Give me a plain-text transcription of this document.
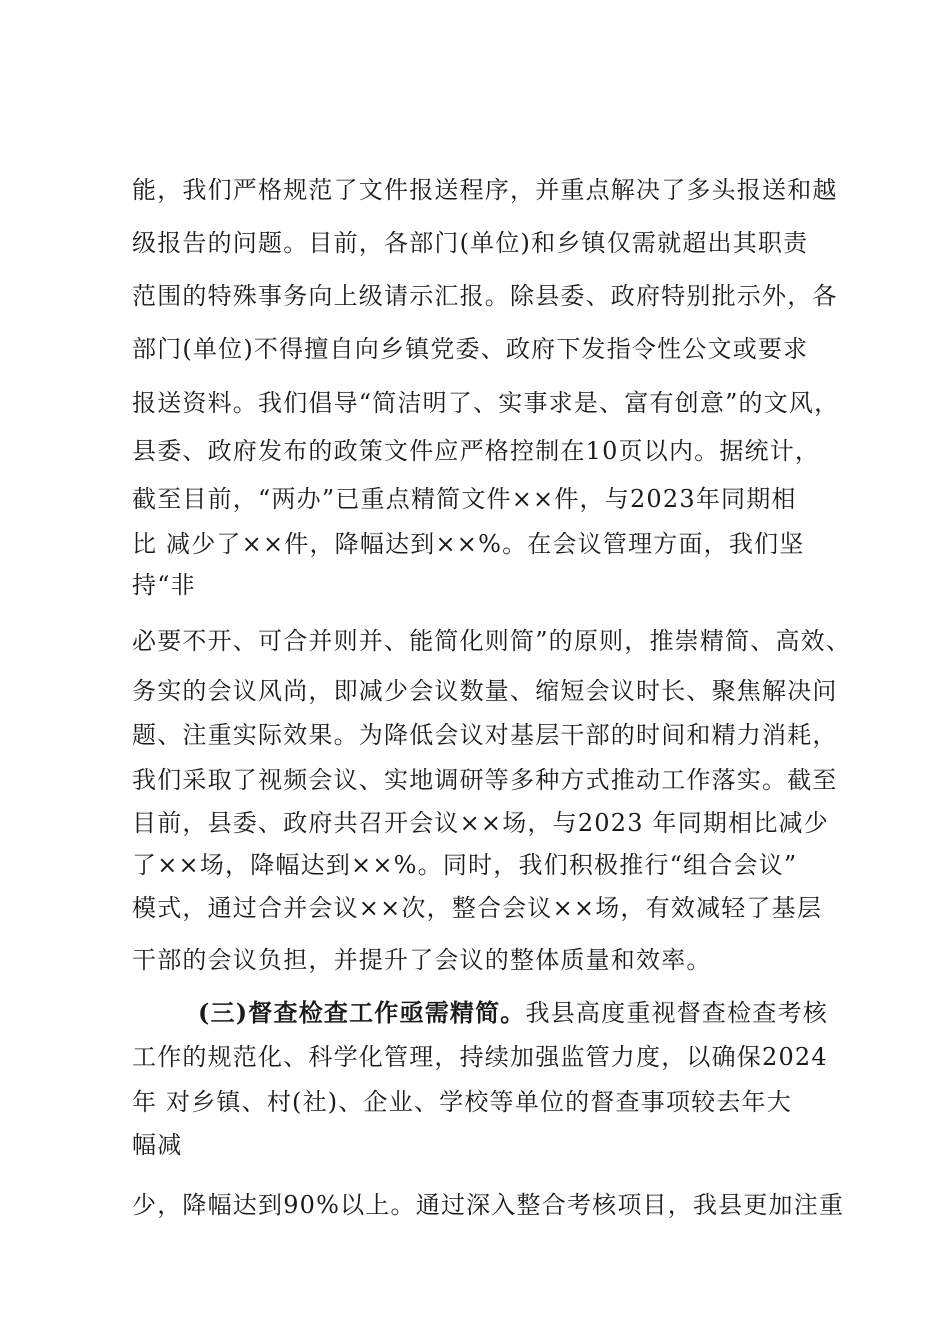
能，我们严格规范了文件报送程序，并重点解决了多头报送和越
级报告的问题。目前，各部门(单位)和乡镇仅需就超出其职责
范围的特殊事务向上级请示汇报。除县委、政府特别批示外，各
部门(单位)不得擅自向乡镇党委、政府下发指令性公文或要求
报送资料。我们倡导“简洁明了、实事求是、富有创意”的文风，
县委、政府发布的政策文件应严格控制在10页以内。据统计，
截至目前，“两办”已重点精简文件××件，与2023年同期相
比 减少了××件，降幅达到××%。在会议管理方面，我们坚
持“非
必要不开、可合并则并、能简化则简”的原则，推崇精简、高效、
务实的会议风尚，即减少会议数量、缩短会议时长、聚焦解决问
题、注重实际效果。为降低会议对基层干部的时间和精力消耗，
我们采取了视频会议、实地调研等多种方式推动工作落实。截至
目前，县委、政府共召开会议××场，与2023 年同期相比减少
了××场，降幅达到××%。同时，我们积极推行“组合会议”
模式，通过合并会议××次，整合会议××场，有效减轻了基层
干部的会议负担，并提升了会议的整体质量和效率。
(三)督查检查工作亟需精简。我县高度重视督查检查考核
工作的规范化、科学化管理，持续加强监管力度，以确保2024
年 对乡镇、村(社)、企业、学校等单位的督查事项较去年大
幅减
少，降幅达到90%以上。通过深入整合考核项目，我县更加注重
